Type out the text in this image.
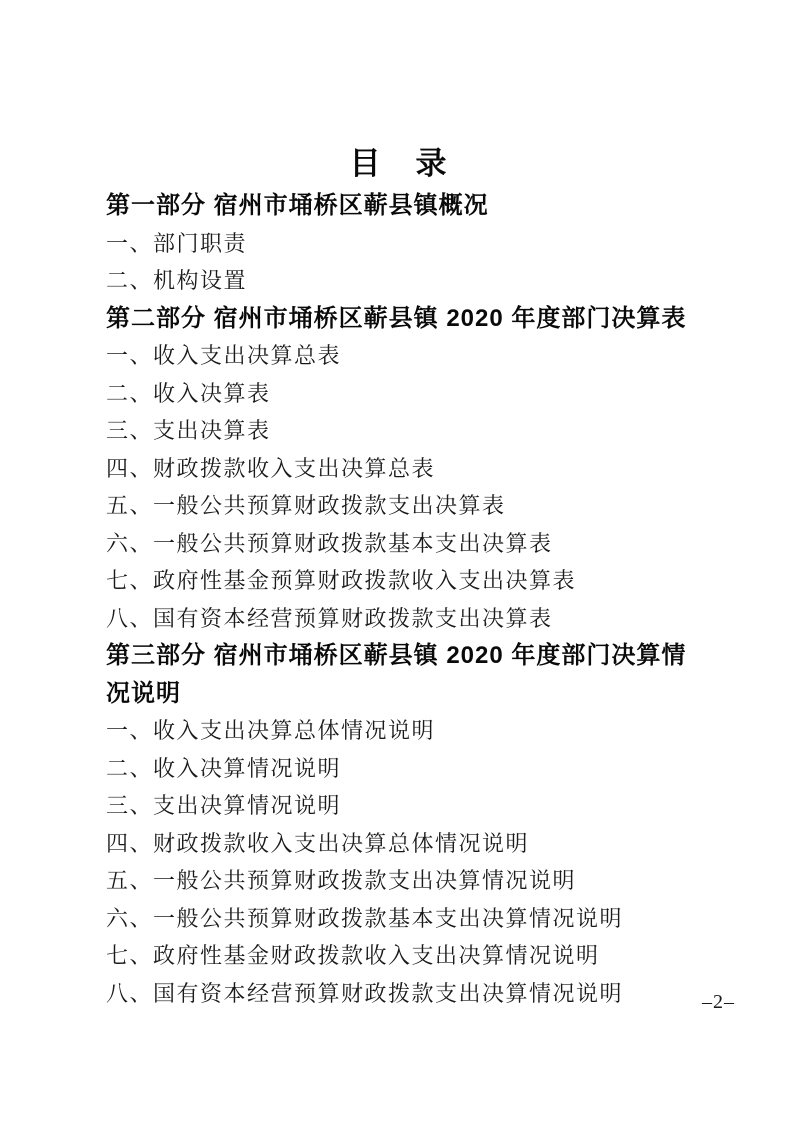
目　录
第一部分 宿州市埇桥区蕲县镇概况
一、部门职责
二、机构设置
第二部分 宿州市埇桥区蕲县镇 2020 年度部门决算表
一、收入支出决算总表
二、收入决算表
三、支出决算表
四、财政拨款收入支出决算总表
五、一般公共预算财政拨款支出决算表
六、一般公共预算财政拨款基本支出决算表
七、政府性基金预算财政拨款收入支出决算表
八、国有资本经营预算财政拨款支出决算表
第三部分 宿州市埇桥区蕲县镇 2020 年度部门决算情况说明
一、收入支出决算总体情况说明
二、收入决算情况说明
三、支出决算情况说明
四、财政拨款收入支出决算总体情况说明
五、一般公共预算财政拨款支出决算情况说明
六、一般公共预算财政拨款基本支出决算情况说明
七、政府性基金财政拨款收入支出决算情况说明
八、国有资本经营预算财政拨款支出决算情况说明	–2–
